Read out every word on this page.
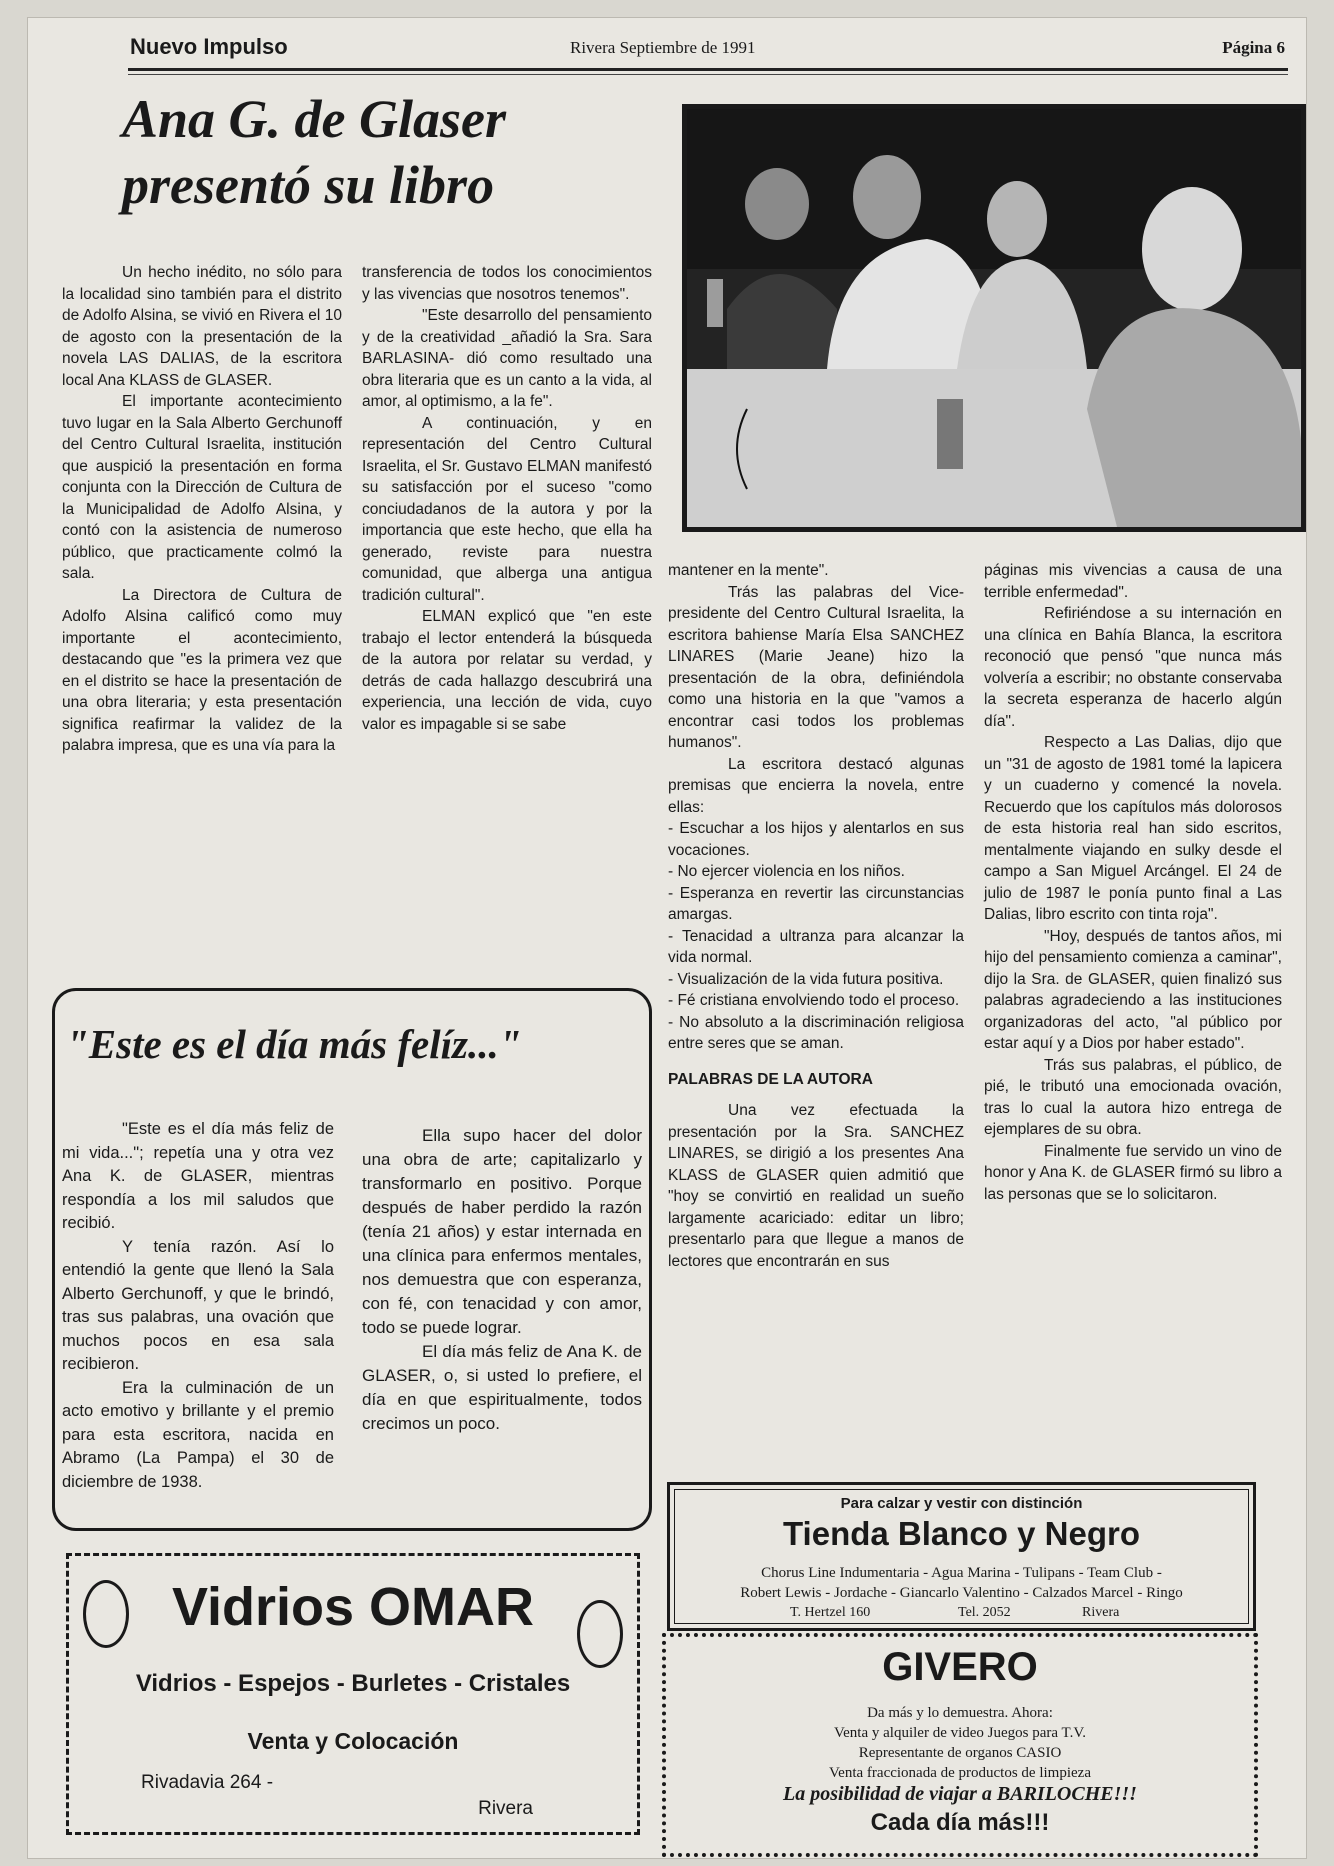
Nuevo Impulso	Rivera Septiembre de 1991	Página 6
Ana G. de Glaser
presentó su libro

Un hecho inédito, no sólo para la localidad sino también para el distrito de Adolfo Alsina, se vivió en Rivera el 10 de agosto con la presentación de la novela LAS DALIAS, de la escritora local Ana KLASS de GLASER.

El importante acontecimiento tuvo lugar en la Sala Alberto Gerchunoff del Centro Cultural Israelita, institución que auspició la presentación en forma conjunta con la Dirección de Cultura de la Municipalidad de Adolfo Alsina, y contó con la asistencia de numeroso público, que practicamente colmó la sala.

La Directora de Cultura de Adolfo Alsina calificó como muy importante el acontecimiento, destacando que "es la primera vez que en el distrito se hace la presentación de una obra literaria; y esta presentación significa reafirmar la validez de la palabra impresa, que es una vía para la

transferencia de todos los conocimientos y las vivencias que nosotros tenemos".

"Este desarrollo del pensamiento y de la creatividad _añadió la Sra. Sara BARLASINA- dió como resultado una obra literaria que es un canto a la vida, al amor, al optimismo, a la fe".

A continuación, y en representación del Centro Cultural Israelita, el Sr. Gustavo ELMAN manifestó su satisfacción por el suceso "como conciudadanos de la autora y por la importancia que este hecho, que ella ha generado, reviste para nuestra comunidad, que alberga una antigua tradición cultural".

ELMAN explicó que "en este trabajo el lector entenderá la búsqueda de la autora por relatar su verdad, y detrás de cada hallazgo descubrirá una experiencia, una lección de vida, cuyo valor es impagable si se sabe

mantener en la mente".

Trás las palabras del Vice-presidente del Centro Cultural Israelita, la escritora bahiense María Elsa SANCHEZ LINARES (Marie Jeane) hizo la presentación de la obra, definiéndola como una historia en la que "vamos a encontrar casi todos los problemas humanos".

La escritora destacó algunas premisas que encierra la novela, entre ellas:

- Escuchar a los hijos y alentarlos en sus vocaciones.

- No ejercer violencia en los niños.

- Esperanza en revertir las circunstancias amargas.

- Tenacidad a ultranza para alcanzar la vida normal.

- Visualización de la vida futura positiva.

- Fé cristiana envolviendo todo el proceso.

- No absoluto a la discriminación religiosa entre seres que se aman.

PALABRAS DE LA AUTORA

Una vez efectuada la presentación por la Sra. SANCHEZ LINARES, se dirigió a los presentes Ana KLASS de GLASER quien admitió que "hoy se convirtió en realidad un sueño largamente acariciado: editar un libro; presentarlo para que llegue a manos de lectores que encontrarán en sus

páginas mis vivencias a causa de una terrible enfermedad".

Refiriéndose a su internación en una clínica en Bahía Blanca, la escritora reconoció que pensó "que nunca más volvería a escribir; no obstante conservaba la secreta esperanza de hacerlo algún día".

Respecto a Las Dalias, dijo que un "31 de agosto de 1981 tomé la lapicera y un cuaderno y comencé la novela. Recuerdo que los capítulos más dolorosos de esta historia real han sido escritos, mentalmente viajando en sulky desde el campo a San Miguel Arcángel. El 24 de julio de 1987 le ponía punto final a Las Dalias, libro escrito con tinta roja".

"Hoy, después de tantos años, mi hijo del pensamiento comienza a caminar", dijo la Sra. de GLASER, quien finalizó sus palabras agradeciendo a las instituciones organizadoras del acto, "al público por estar aquí y a Dios por haber estado".

Trás sus palabras, el público, de pié, le tributó una emocionada ovación, tras lo cual la autora hizo entrega de ejemplares de su obra.

Finalmente fue servido un vino de honor y Ana K. de GLASER firmó su libro a las personas que se lo solicitaron.

"Este es el día más felíz..."

"Este es el día más feliz de mi vida..."; repetía una y otra vez Ana K. de GLASER, mientras respondía a los mil saludos que recibió.

Y tenía razón. Así lo entendió la gente que llenó la Sala Alberto Gerchunoff, y que le brindó, tras sus palabras, una ovación que muchos pocos en esa sala recibieron.

Era la culminación de un acto emotivo y brillante y el premio para esta escritora, nacida en Abramo (La Pampa) el 30 de diciembre de 1938.

Ella supo hacer del dolor una obra de arte; capitalizarlo y transformarlo en positivo. Porque después de haber perdido la razón (tenía 21 años) y estar internada en una clínica para enfermos mentales, nos demuestra que con esperanza, con fé, con tenacidad y con amor, todo se puede lograr.

El día más feliz de Ana K. de GLASER, o, si usted lo prefiere, el día en que espiritualmente, todos crecimos un poco.

Para calzar y vestir con distinción
Tienda Blanco y Negro
Chorus Line Indumentaria - Agua Marina - Tulipans - Team Club -
Robert Lewis - Jordache - Giancarlo Valentino - Calzados Marcel - Ringo
T. Hertzel 160	Tel. 2052	Rivera
Vidrios OMAR
Vidrios - Espejos - Burletes - Cristales
Venta y Colocación
Rivadavia 264 -
Rivera
GIVERO
Da más y lo demuestra. Ahora:
Venta y alquiler de video Juegos para T.V.
Representante de organos CASIO
Venta fraccionada de productos de limpieza
La posibilidad de viajar a BARILOCHE!!!
Cada día más!!!
